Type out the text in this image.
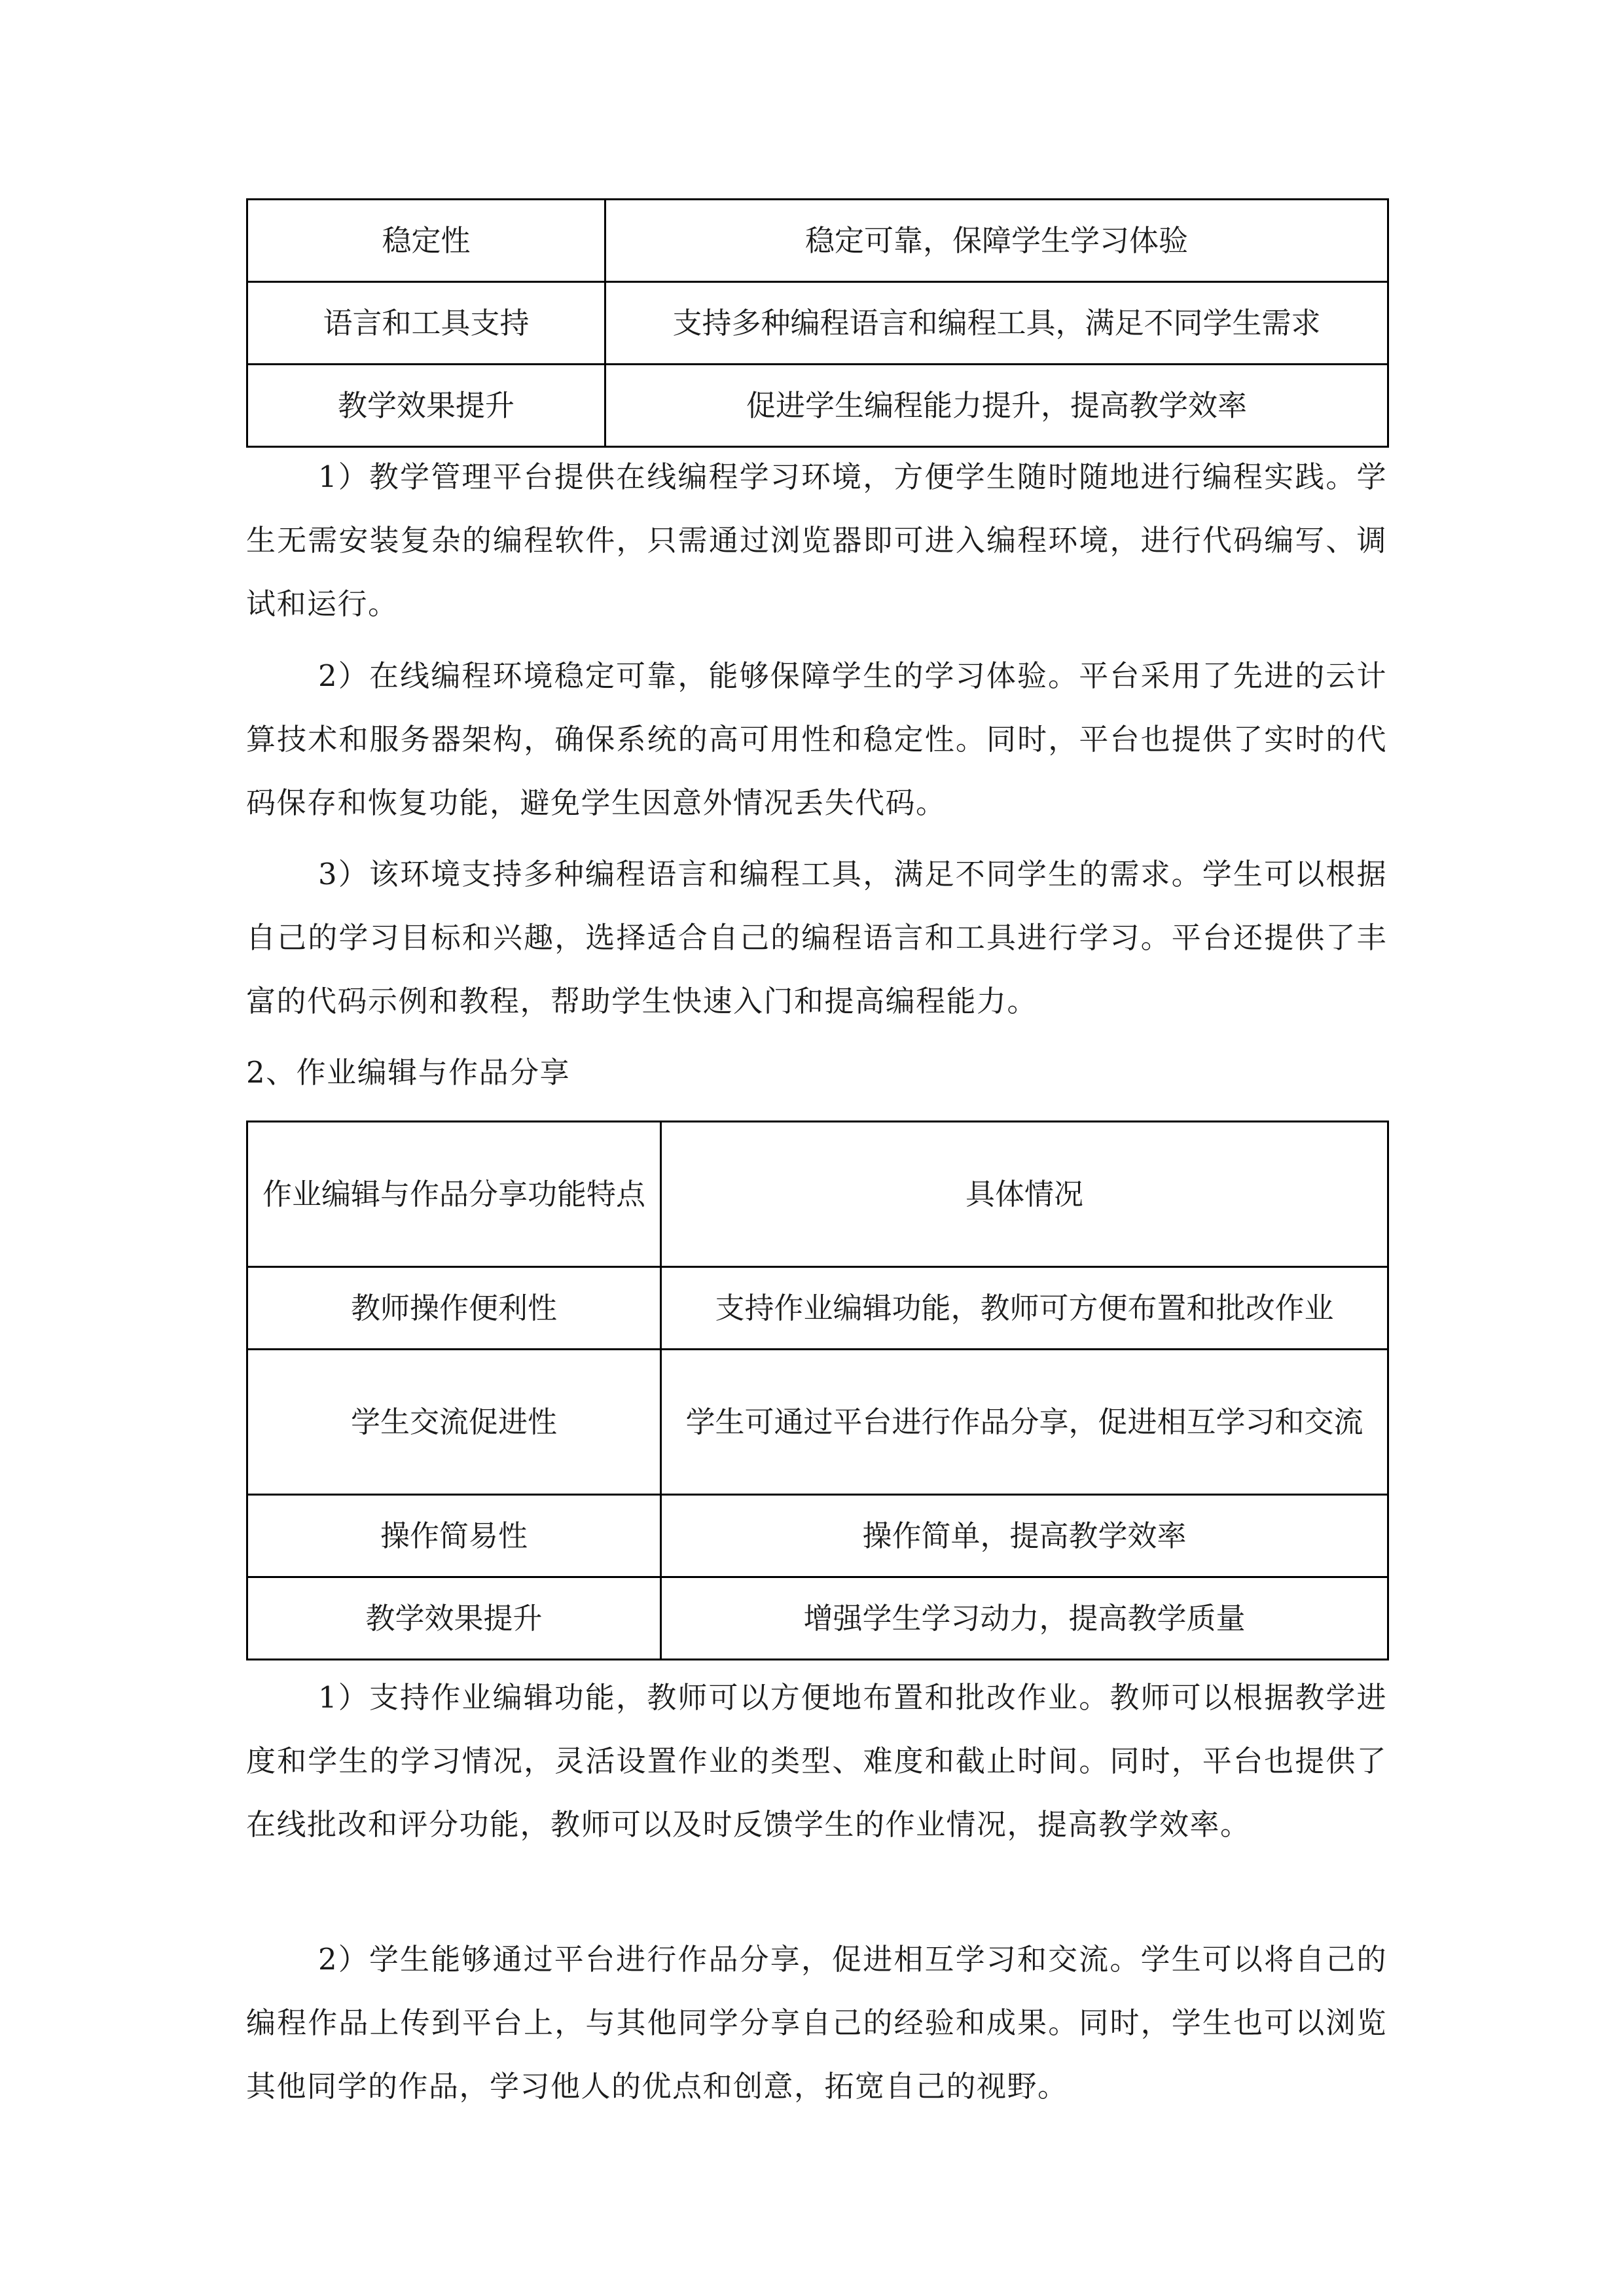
稳定性	稳定可靠，保障学生学习体验
语言和工具支持	支持多种编程语言和编程工具，满足不同学生需求
教学效果提升	促进学生编程能力提升，提高教学效率

1）教学管理平台提供在线编程学习环境，方便学生随时随地进行编程实践。学生无需安装复杂的编程软件，只需通过浏览器即可进入编程环境，进行代码编写、调试和运行。

2）在线编程环境稳定可靠，能够保障学生的学习体验。平台采用了先进的云计算技术和服务器架构，确保系统的高可用性和稳定性。同时，平台也提供了实时的代码保存和恢复功能，避免学生因意外情况丢失代码。

3）该环境支持多种编程语言和编程工具，满足不同学生的需求。学生可以根据自己的学习目标和兴趣，选择适合自己的编程语言和工具进行学习。平台还提供了丰富的代码示例和教程，帮助学生快速入门和提高编程能力。

2、作业编辑与作品分享

作业编辑与作品分享功能特点	具体情况
教师操作便利性	支持作业编辑功能，教师可方便布置和批改作业
学生交流促进性	学生可通过平台进行作品分享，促进相互学习和交流
操作简易性	操作简单，提高教学效率
教学效果提升	增强学生学习动力，提高教学质量

1）支持作业编辑功能，教师可以方便地布置和批改作业。教师可以根据教学进度和学生的学习情况，灵活设置作业的类型、难度和截止时间。同时，平台也提供了在线批改和评分功能，教师可以及时反馈学生的作业情况，提高教学效率。

2）学生能够通过平台进行作品分享，促进相互学习和交流。学生可以将自己的编程作品上传到平台上，与其他同学分享自己的经验和成果。同时，学生也可以浏览其他同学的作品，学习他人的优点和创意，拓宽自己的视野。
